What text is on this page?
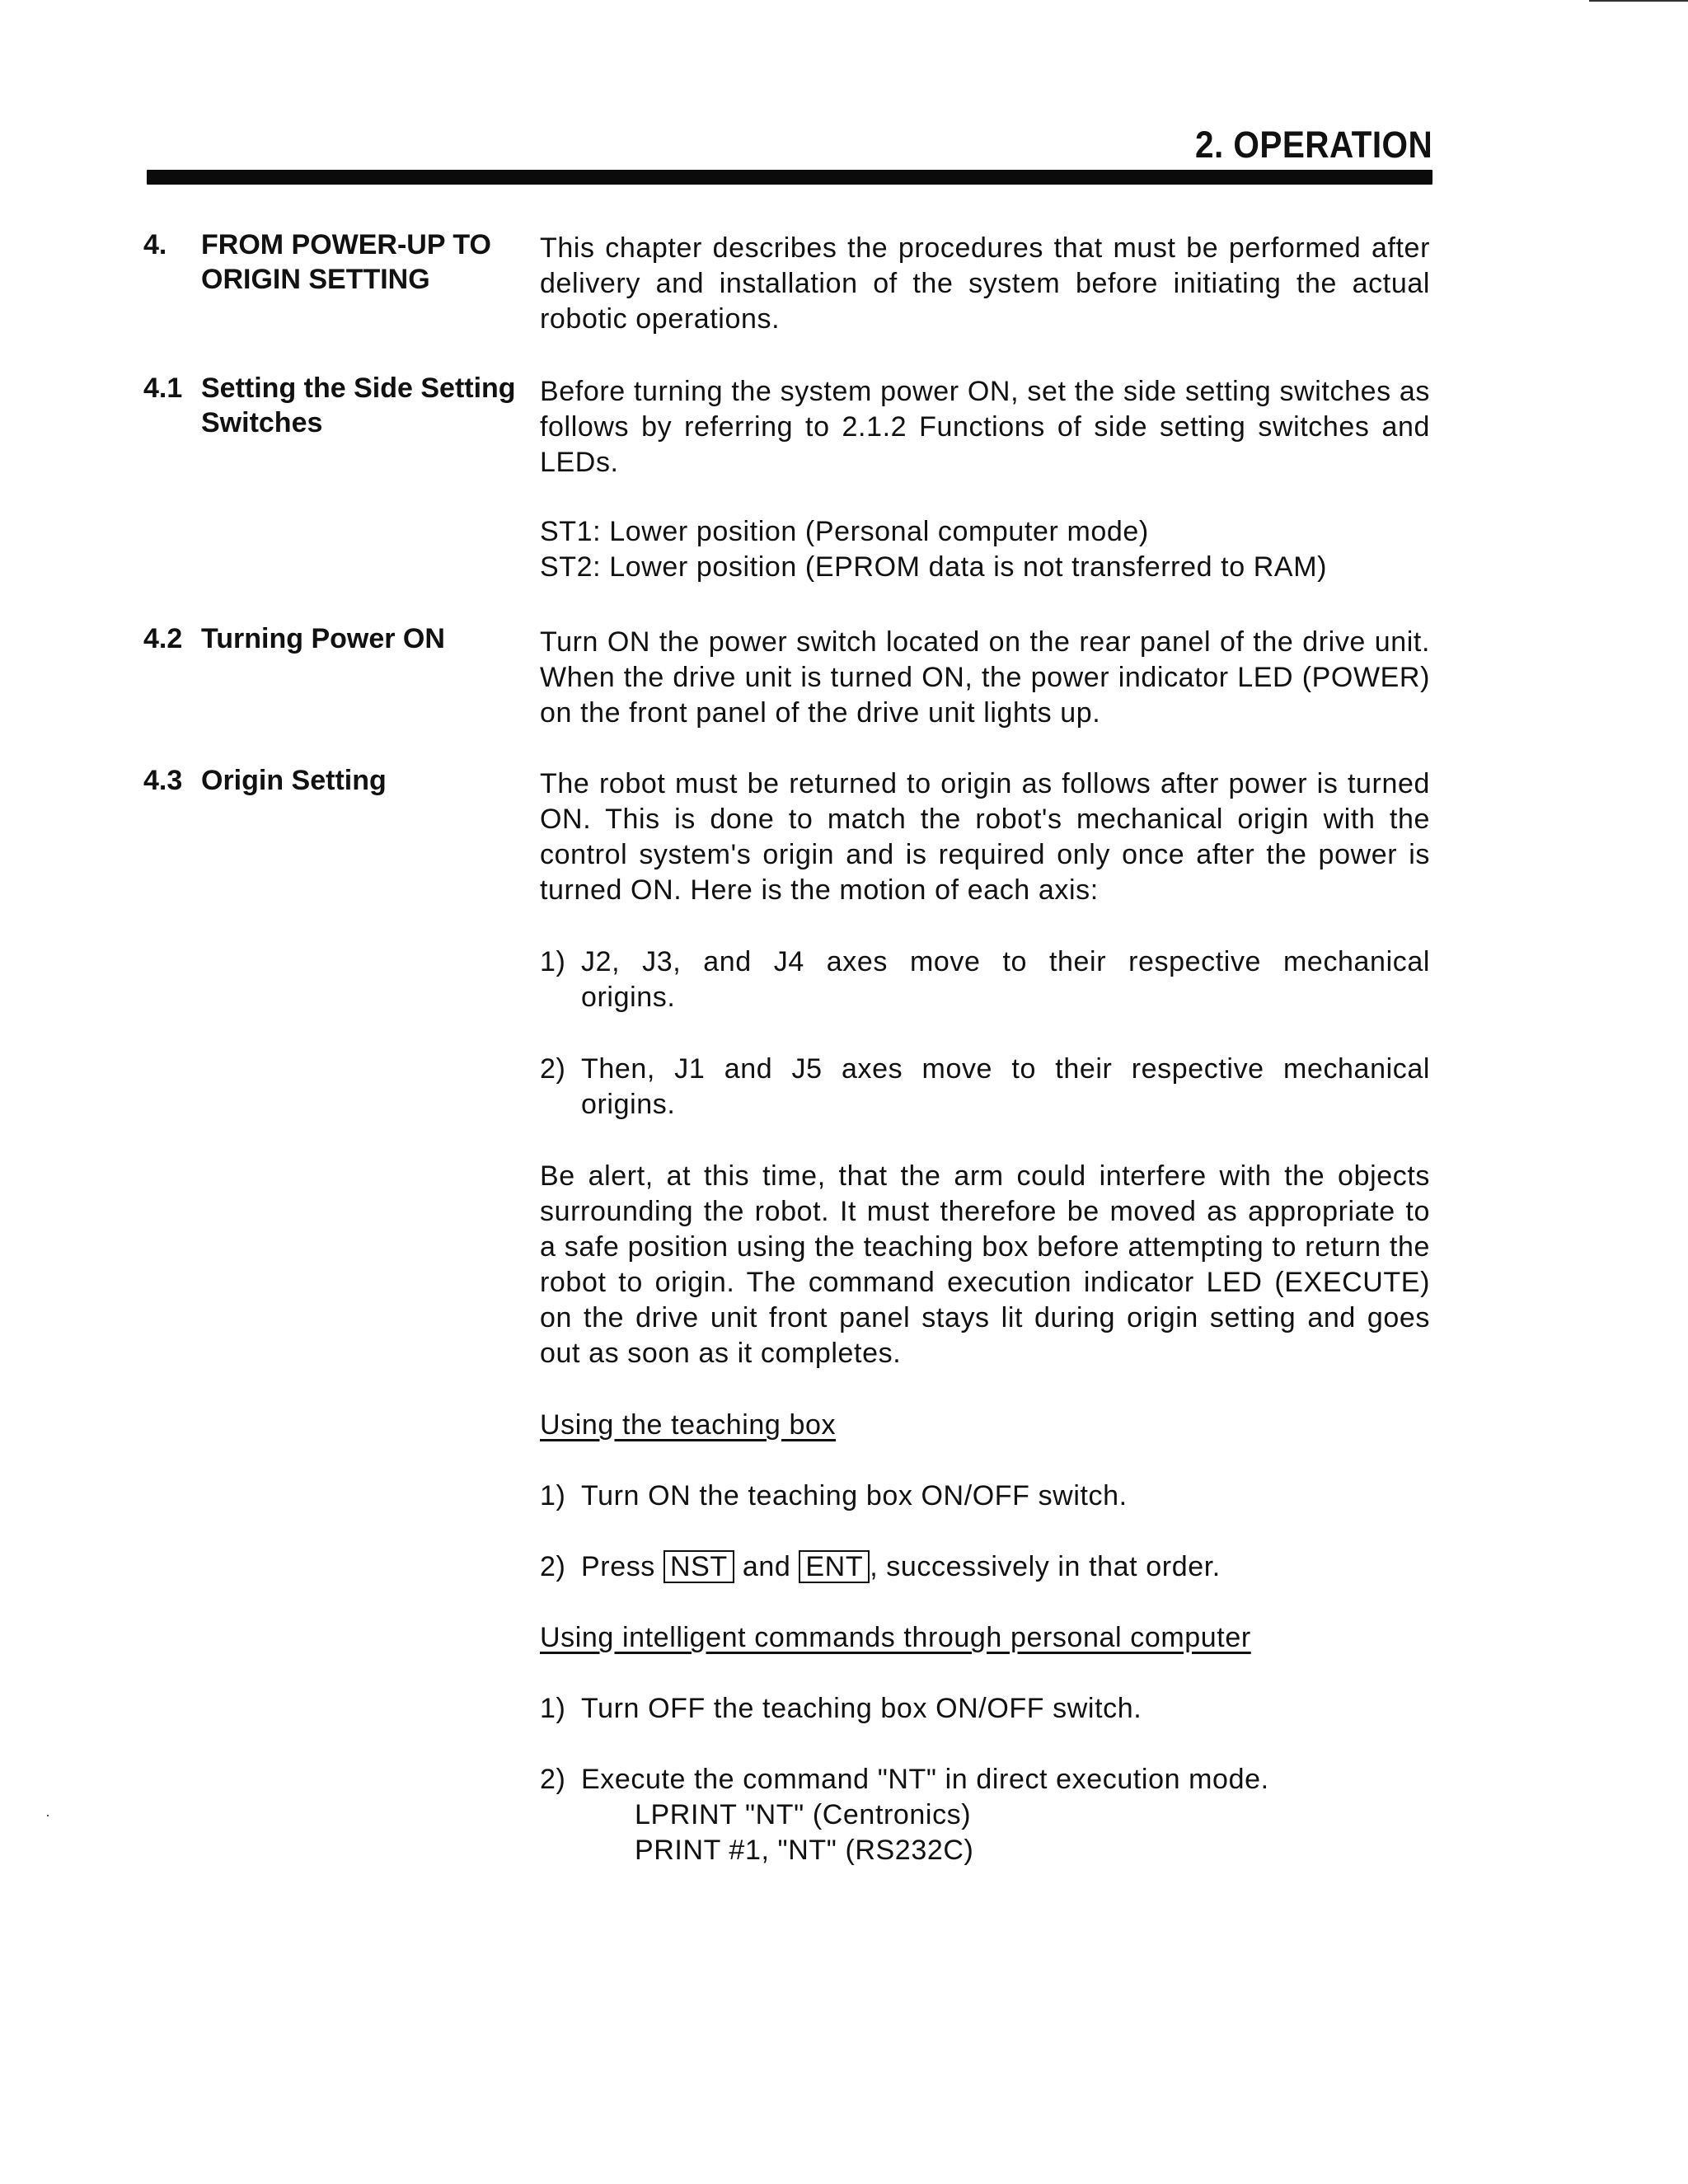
2. OPERATION
4. FROM POWER-UP TO
ORIGIN SETTING

This chapter describes the procedures that must be performed after delivery and installation of the system before initiating the actual robotic operations.

4.1 Setting the Side Setting
Switches

Before turning the system power ON, set the side setting switches as follows by referring to 2.1.2 Functions of side setting switches and LEDs.

ST1: Lower position (Personal computer mode)
ST2: Lower position (EPROM data is not transferred to RAM)
4.2 Turning Power ON	Turn ON the power switch located on the rear panel of the drive unit. When the drive unit is turned ON, the power indicator LED (POWER) on the front panel of the drive unit lights up.

4.3 Origin Setting	The robot must be returned to origin as follows after power is turned ON. This is done to match the robot's mechanical origin with the control system's origin and is required only once after the power is turned ON. Here is the motion of each axis:

1) J2, J3, and J4 axes move to their respective mechanical
origins.
2) Then, J1 and J5 axes move to their respective mechanical
origins.

Be alert, at this time, that the arm could interfere with the objects surrounding the robot. It must therefore be moved as appropriate to a safe position using the teaching box before attempting to return the robot to origin. The command execution indicator LED (EXECUTE) on the drive unit front panel stays lit during origin setting and goes out as soon as it completes.

Using the teaching box
1) Turn ON the teaching box ON/OFF switch.
2) Press NST and ENT , successively in that order.
Using intelligent commands through personal computer
1) Turn OFF the teaching box ON/OFF switch.
2) Execute the command "NT" in direct execution mode.
LPRINT "NT" (Centronics)
PRINT #1, "NT" (RS232C)
